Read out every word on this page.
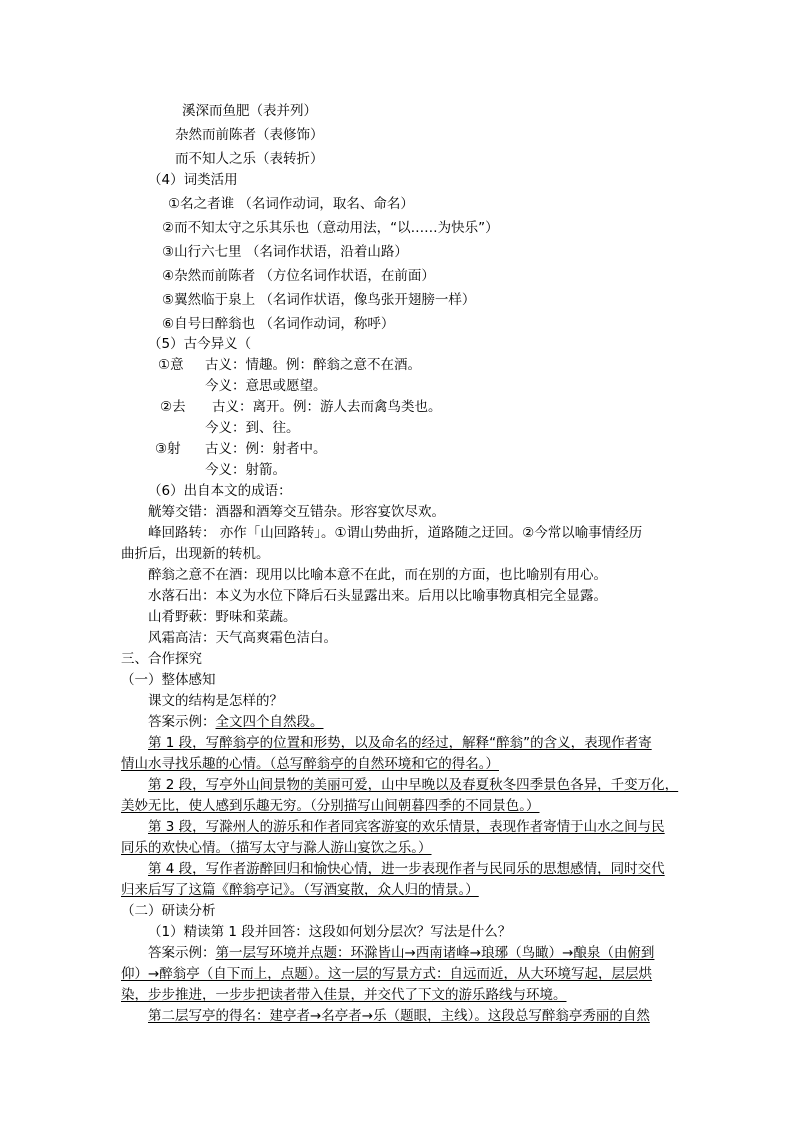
溪深而鱼肥（表并列）
杂然而前陈者（表修饰）
而不知人之乐（表转折）
（4）词类活用
①名之者谁 （名词作动词，取名、命名）
②而不知太守之乐其乐也（意动用法，“以……为快乐”）
③山行六七里 （名词作状语，沿着山路）
④杂然而前陈者 （方位名词作状语，在前面）
⑤翼然临于泉上 （名词作状语，像鸟张开翅膀一样）
⑥自号曰醉翁也 （名词作动词，称呼）
（5）古今异义（
①意 古义：情趣。例：醉翁之意不在酒。
今义：意思或愿望。
②去 古义：离开。例：游人去而禽鸟类也。
今义：到、往。
③射 古义：例：射者中。
今义：射箭。
（6）出自本文的成语：
觥筹交错：酒器和酒筹交互错杂。形容宴饮尽欢。
峰回路转： 亦作「山回路转」。①谓山势曲折，道路随之迂回。②今常以喻事情经历
曲折后，出现新的转机。
醉翁之意不在酒：现用以比喻本意不在此，而在别的方面，也比喻别有用心。
水落石出：本义为水位下降后石头显露出来。后用以比喻事物真相完全显露。
山肴野蔌：野味和菜蔬。
风霜高洁：天气高爽霜色洁白。
三、合作探究
（一）整体感知
课文的结构是怎样的？
答案示例：全文四个自然段。
第 1 段，写醉翁亭的位置和形势，以及命名的经过，解释“醉翁”的含义，表现作者寄
情山水寻找乐趣的心情。（总写醉翁亭的自然环境和它的得名。）
第 2 段，写亭外山间景物的美丽可爱，山中早晚以及春夏秋冬四季景色各异，千变万化，
美妙无比，使人感到乐趣无穷。（分别描写山间朝暮四季的不同景色。）
第 3 段，写滁州人的游乐和作者同宾客游宴的欢乐情景，表现作者寄情于山水之间与民
同乐的欢快心情。（描写太守与滁人游山宴饮之乐。）
第 4 段，写作者游醉回归和愉快心情，进一步表现作者与民同乐的思想感情，同时交代
归来后写了这篇《醉翁亭记》。（写酒宴散，众人归的情景。）
（二）研读分析
（1）精读第 1 段并回答：这段如何划分层次？写法是什么？
答案示例：第一层写环境并点题：环滁皆山→西南诸峰→琅琊（鸟瞰）→酿泉（由俯到
仰）→醉翁亭（自下而上，点题）。这一层的写景方式：自远而近，从大环境写起，层层烘
染，步步推进，一步步把读者带入佳景，并交代了下文的游乐路线与环境。
第二层写亭的得名：建亭者→名亭者→乐（题眼，主线）。这段总写醉翁亭秀丽的自然
